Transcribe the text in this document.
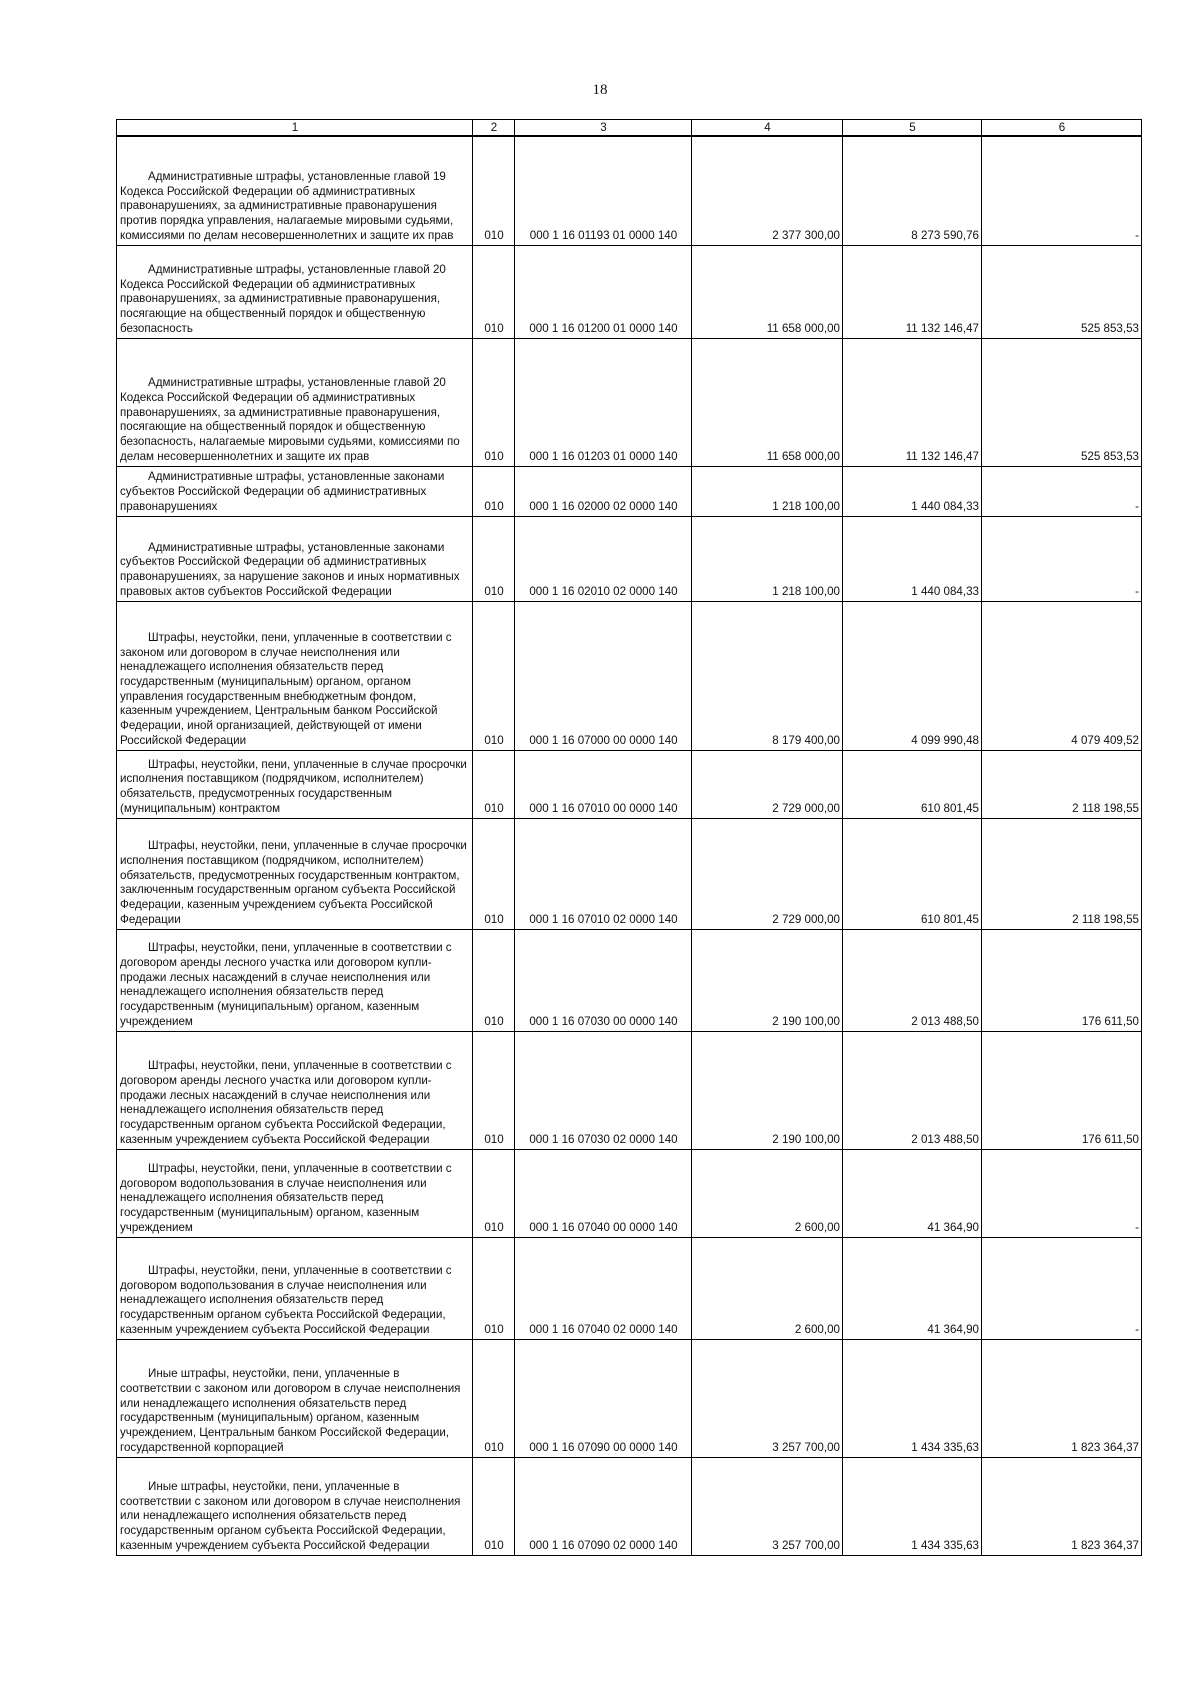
18
1	2	3	4	5	6
Административные штрафы, установленные главой 19 Кодекса Российской Федерации об административных правонарушениях, за административные правонарушения против порядка управления, налагаемые мировыми судьями, комиссиями по делам несовершеннолетних и защите их прав	010	000 1 16 01193 01 0000 140	2 377 300,00	8 273 590,76	-
Административные штрафы, установленные главой 20 Кодекса Российской Федерации об административных правонарушениях, за административные правонарушения, посягающие на общественный порядок и общественную безопасность	010	000 1 16 01200 01 0000 140	11 658 000,00	11 132 146,47	525 853,53
Административные штрафы, установленные главой 20 Кодекса Российской Федерации об административных правонарушениях, за административные правонарушения, посягающие на общественный порядок и общественную безопасность, налагаемые мировыми судьями, комиссиями по делам несовершеннолетних и защите их прав	010	000 1 16 01203 01 0000 140	11 658 000,00	11 132 146,47	525 853,53
Административные штрафы, установленные законами субъектов Российской Федерации об административных правонарушениях	010	000 1 16 02000 02 0000 140	1 218 100,00	1 440 084,33	-
Административные штрафы, установленные законами субъектов Российской Федерации об административных правонарушениях, за нарушение законов и иных нормативных правовых актов субъектов Российской Федерации	010	000 1 16 02010 02 0000 140	1 218 100,00	1 440 084,33	-
Штрафы, неустойки, пени, уплаченные в соответствии с законом или договором в случае неисполнения или ненадлежащего исполнения обязательств перед государственным (муниципальным) органом, органом управления государственным внебюджетным фондом, казенным учреждением, Центральным банком Российской Федерации, иной организацией, действующей от имени Российской Федерации	010	000 1 16 07000 00 0000 140	8 179 400,00	4 099 990,48	4 079 409,52
Штрафы, неустойки, пени, уплаченные в случае просрочки исполнения поставщиком (подрядчиком, исполнителем) обязательств, предусмотренных государственным (муниципальным) контрактом	010	000 1 16 07010 00 0000 140	2 729 000,00	610 801,45	2 118 198,55
Штрафы, неустойки, пени, уплаченные в случае просрочки исполнения поставщиком (подрядчиком, исполнителем) обязательств, предусмотренных государственным контрактом, заключенным государственным органом субъекта Российской Федерации, казенным учреждением субъекта Российской Федерации	010	000 1 16 07010 02 0000 140	2 729 000,00	610 801,45	2 118 198,55
Штрафы, неустойки, пени, уплаченные в соответствии с договором аренды лесного участка или договором купли-продажи лесных насаждений в случае неисполнения или ненадлежащего исполнения обязательств перед государственным (муниципальным) органом, казенным учреждением	010	000 1 16 07030 00 0000 140	2 190 100,00	2 013 488,50	176 611,50
Штрафы, неустойки, пени, уплаченные в соответствии с договором аренды лесного участка или договором купли-продажи лесных насаждений в случае неисполнения или ненадлежащего исполнения обязательств перед государственным органом субъекта Российской Федерации, казенным учреждением субъекта Российской Федерации	010	000 1 16 07030 02 0000 140	2 190 100,00	2 013 488,50	176 611,50
Штрафы, неустойки, пени, уплаченные в соответствии с договором водопользования в случае неисполнения или ненадлежащего исполнения обязательств перед государственным (муниципальным) органом, казенным учреждением	010	000 1 16 07040 00 0000 140	2 600,00	41 364,90	-
Штрафы, неустойки, пени, уплаченные в соответствии с договором водопользования в случае неисполнения или ненадлежащего исполнения обязательств перед государственным органом субъекта Российской Федерации, казенным учреждением субъекта Российской Федерации	010	000 1 16 07040 02 0000 140	2 600,00	41 364,90	-
Иные штрафы, неустойки, пени, уплаченные в соответствии с законом или договором в случае неисполнения или ненадлежащего исполнения обязательств перед государственным (муниципальным) органом, казенным учреждением, Центральным банком Российской Федерации, государственной корпорацией	010	000 1 16 07090 00 0000 140	3 257 700,00	1 434 335,63	1 823 364,37
Иные штрафы, неустойки, пени, уплаченные в соответствии с законом или договором в случае неисполнения или ненадлежащего исполнения обязательств перед государственным органом субъекта Российской Федерации, казенным учреждением субъекта Российской Федерации	010	000 1 16 07090 02 0000 140	3 257 700,00	1 434 335,63	1 823 364,37
